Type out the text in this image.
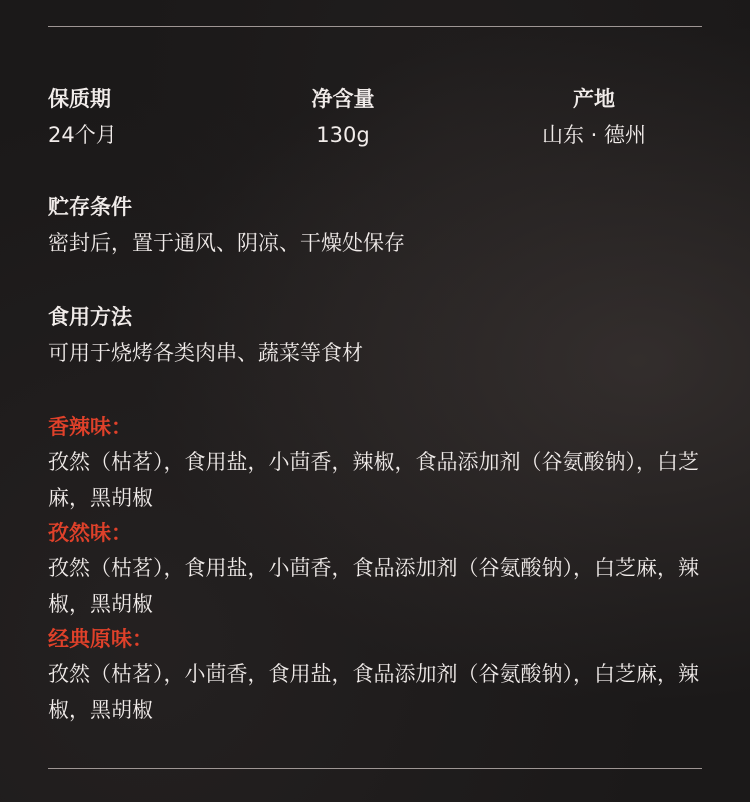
保质期
24个月
净含量
130g
产地
山东 · 德州
贮存条件
密封后，置于通风、阴凉、干燥处保存
食用方法
可用于烧烤各类肉串、蔬菜等食材
香辣味：
孜然（枯茗），食用盐，小茴香，辣椒，食品添加剂（谷氨酸钠），白芝麻，黑胡椒
孜然味：
孜然（枯茗），食用盐，小茴香，食品添加剂（谷氨酸钠），白芝麻，辣椒，黑胡椒
经典原味：
孜然（枯茗），小茴香，食用盐，食品添加剂（谷氨酸钠），白芝麻，辣椒，黑胡椒
